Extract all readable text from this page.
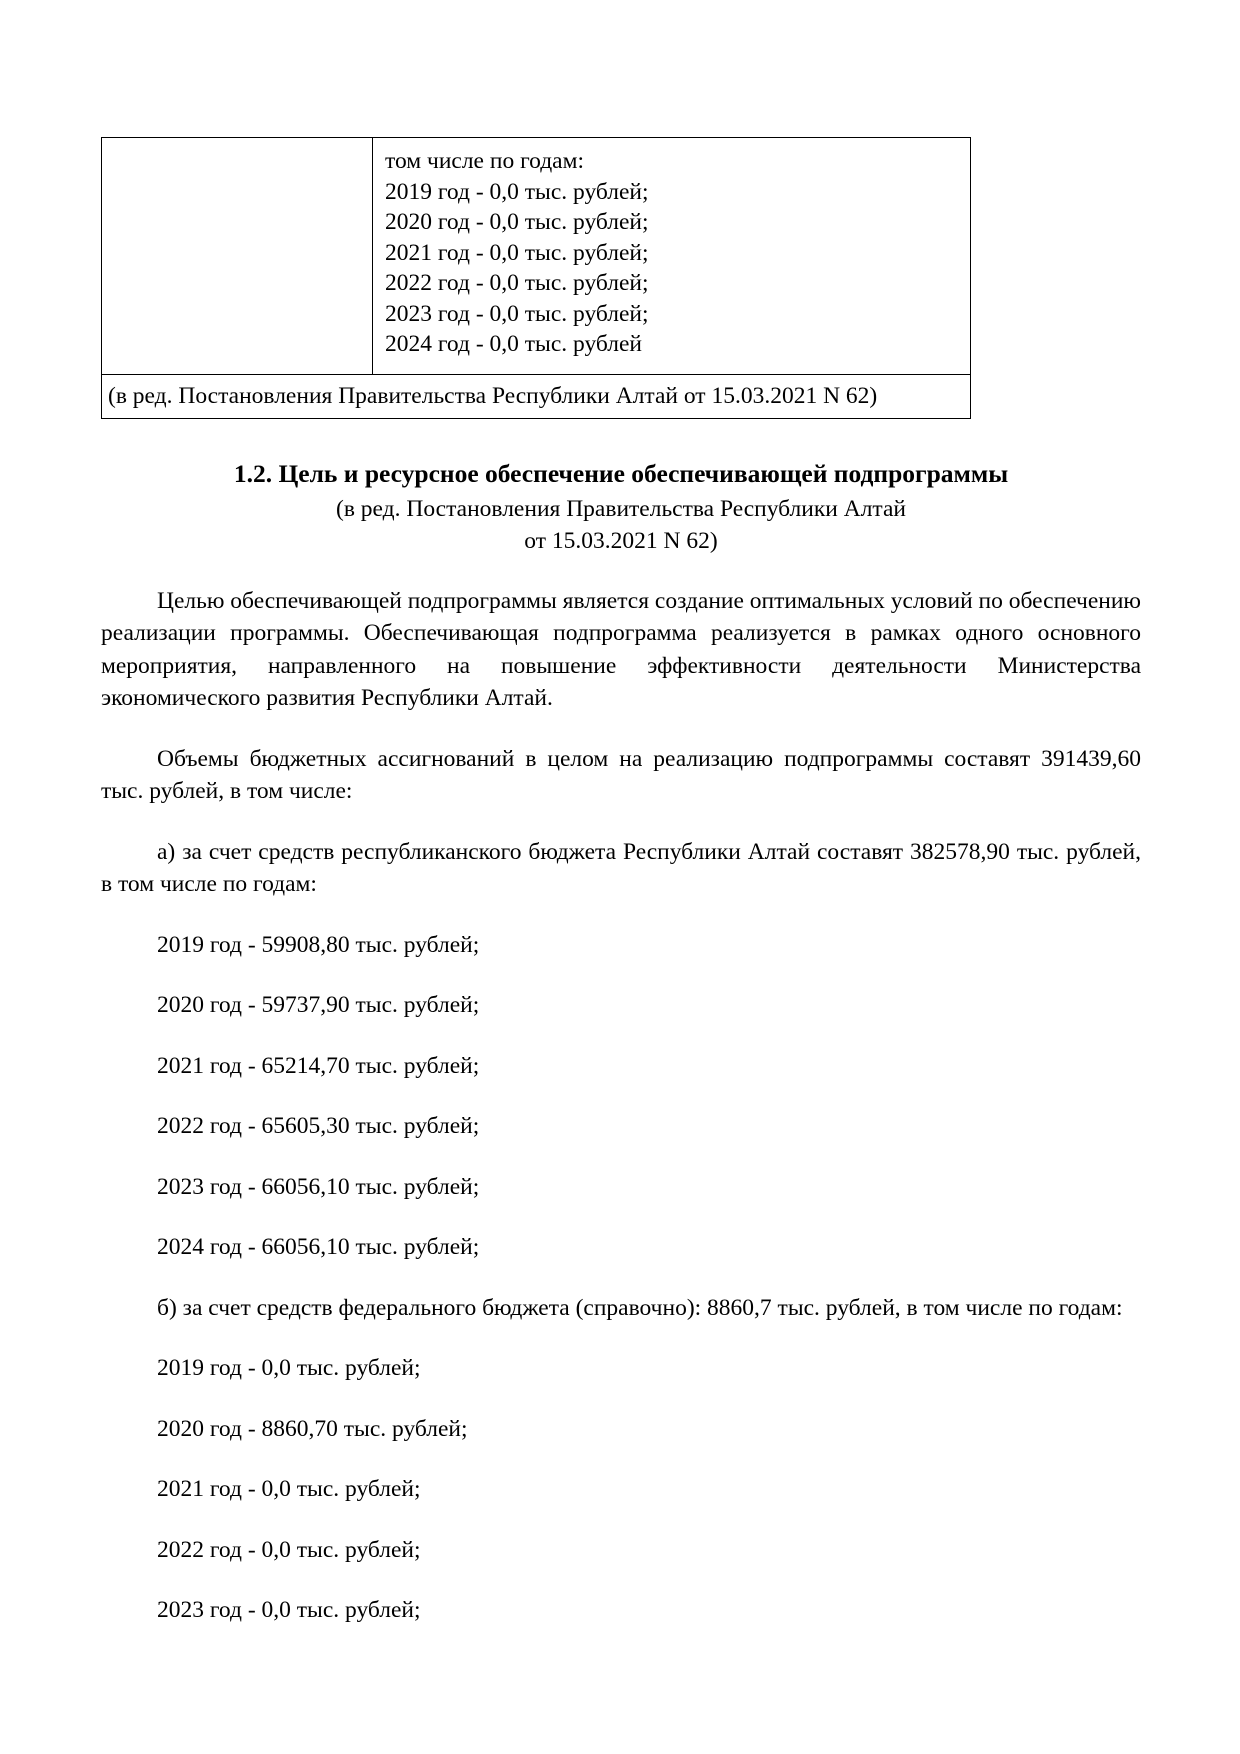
том числе по годам:
2019 год - 0,0 тыс. рублей;
2020 год - 0,0 тыс. рублей;
2021 год - 0,0 тыс. рублей;
2022 год - 0,0 тыс. рублей;
2023 год - 0,0 тыс. рублей;
2024 год - 0,0 тыс. рублей

(в ред. Постановления Правительства Республики Алтай от 15.03.2021 N 62)
1.2. Цель и ресурсное обеспечение обеспечивающей подпрограммы
(в ред. Постановления Правительства Республики Алтай
от 15.03.2021 N 62)

Целью обеспечивающей подпрограммы является создание оптимальных условий по обеспечению реализации программы. Обеспечивающая подпрограмма реализуется в рамках одного основного мероприятия, направленного на повышение эффективности деятельности Министерства экономического развития Республики Алтай.

Объемы бюджетных ассигнований в целом на реализацию подпрограммы составят 391439,60 тыс. рублей, в том числе:

а) за счет средств республиканского бюджета Республики Алтай составят 382578,90 тыс. рублей, в том числе по годам:

2019 год - 59908,80 тыс. рублей;

2020 год - 59737,90 тыс. рублей;

2021 год - 65214,70 тыс. рублей;

2022 год - 65605,30 тыс. рублей;

2023 год - 66056,10 тыс. рублей;

2024 год - 66056,10 тыс. рублей;

б) за счет средств федерального бюджета (справочно): 8860,7 тыс. рублей, в том числе по годам:

2019 год - 0,0 тыс. рублей;

2020 год - 8860,70 тыс. рублей;

2021 год - 0,0 тыс. рублей;

2022 год - 0,0 тыс. рублей;

2023 год - 0,0 тыс. рублей;
